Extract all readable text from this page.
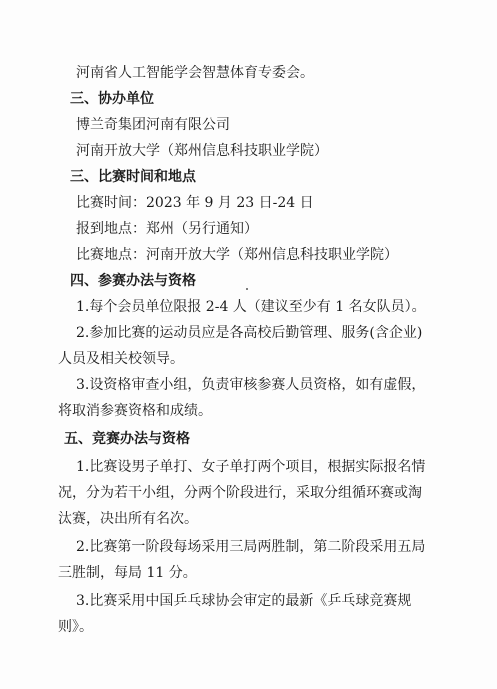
河南省人工智能学会智慧体育专委会。
三、协办单位
博兰奇集团河南有限公司
河南开放大学（郑州信息科技职业学院）
三、比赛时间和地点
比赛时间：2023 年 9 月 23 日-24 日
报到地点：郑州（另行通知）
比赛地点：河南开放大学（郑州信息科技职业学院）
四、参赛办法与资格
1.每个会员单位限报 2-4 人（建议至少有 1 名女队员）。
2.参加比赛的运动员应是各高校后勤管理、服务(含企业)
人员及相关校领导。
3.设资格审查小组，负责审核参赛人员资格，如有虚假，
将取消参赛资格和成绩。
五、竞赛办法与资格
1.比赛设男子单打、女子单打两个项目，根据实际报名情
况，分为若干小组，分两个阶段进行，采取分组循环赛或淘
汰赛，决出所有名次。
2.比赛第一阶段每场采用三局两胜制，第二阶段采用五局
三胜制，每局 11 分。
3.比赛采用中国乒乓球协会审定的最新《乒乓球竞赛规
则》。
